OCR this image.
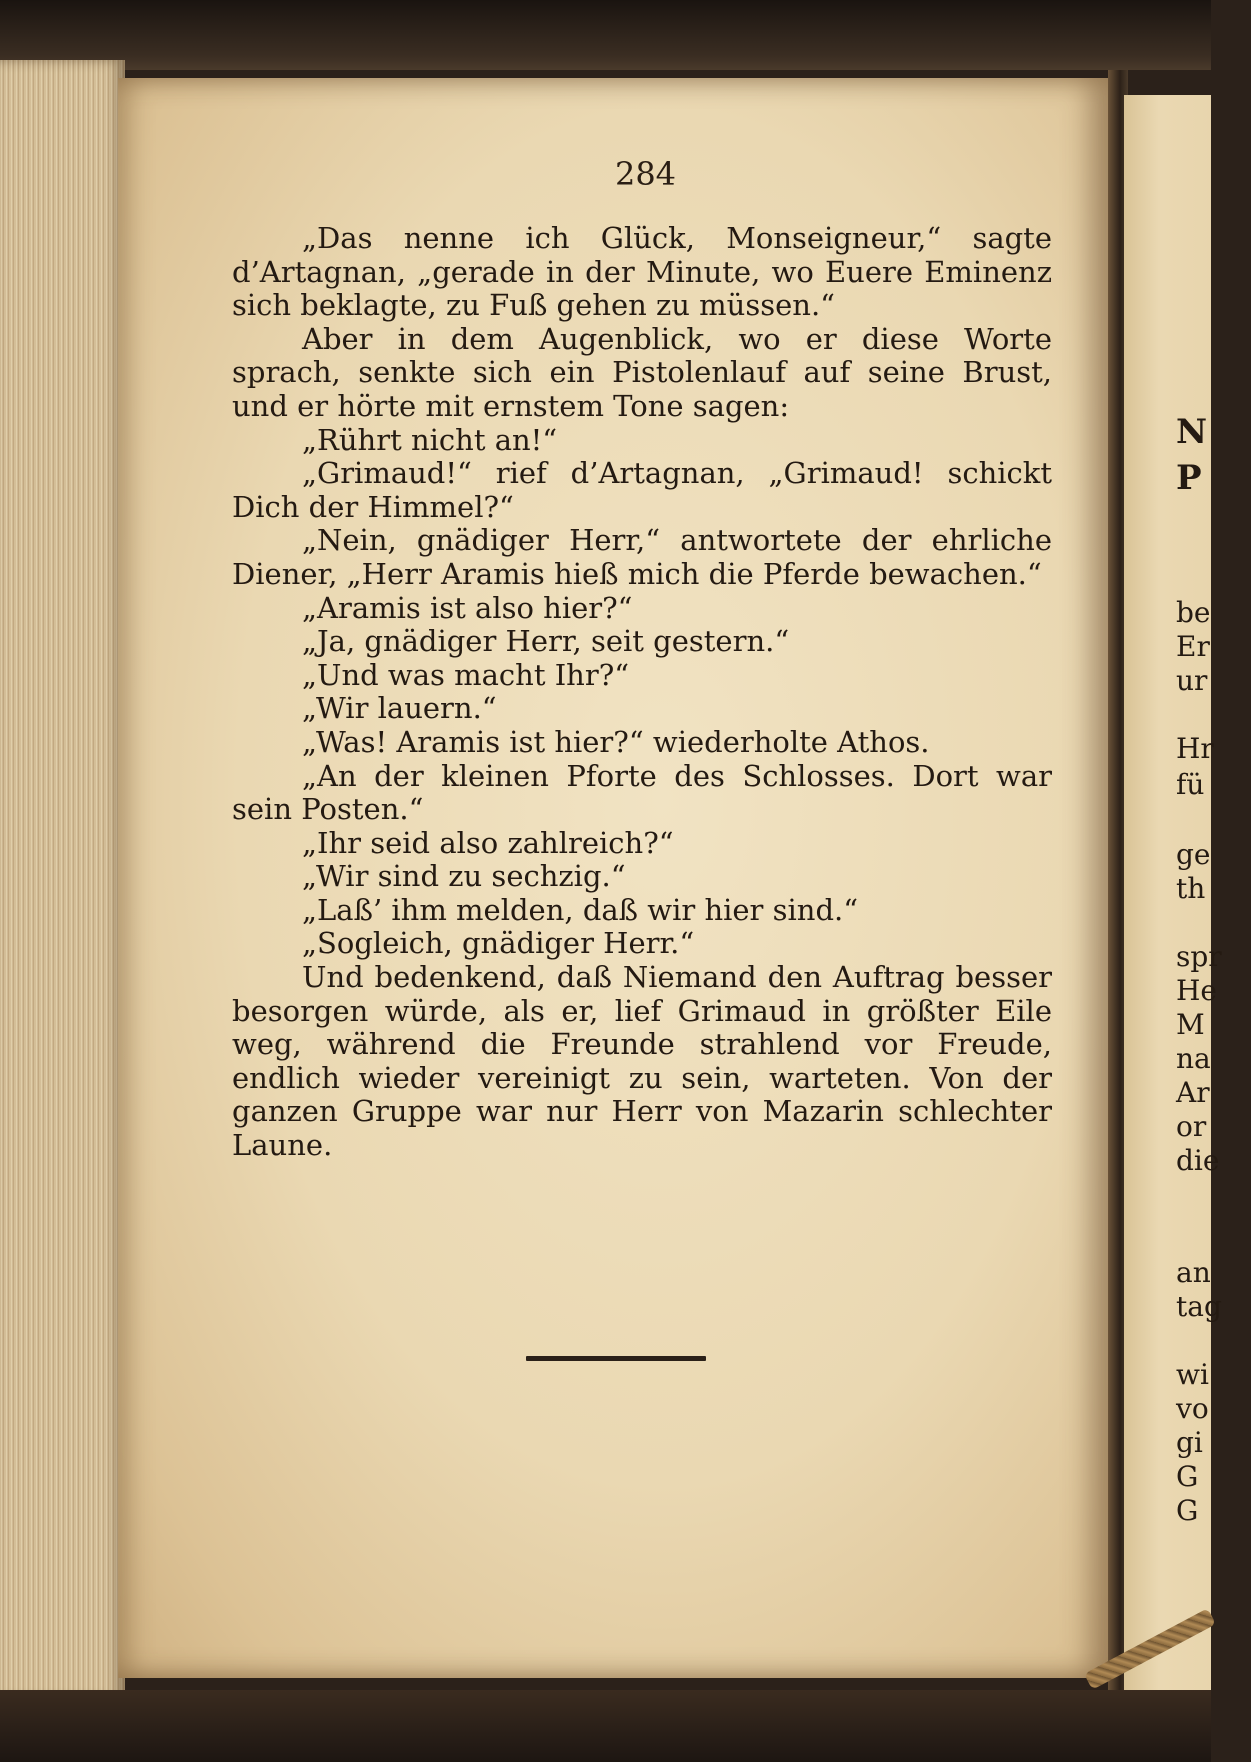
284

„Das nenne ich Glück, Monseigneur,“ sagte d’Artagnan, „gerade in der Minute, wo Euere Eminenz sich beklagte, zu Fuß gehen zu müssen.“

Aber in dem Augenblick, wo er diese Worte sprach, senkte sich ein Pistolenlauf auf seine Brust, und er hörte mit ernstem Tone sagen:

„Rührt nicht an!“

„Grimaud!“ rief d’Artagnan, „Grimaud! schickt Dich der Himmel?“

„Nein, gnädiger Herr,“ antwortete der ehrliche Diener, „Herr Aramis hieß mich die Pferde bewachen.“

„Aramis ist also hier?“

„Ja, gnädiger Herr, seit gestern.“

„Und was macht Ihr?“

„Wir lauern.“

„Was! Aramis ist hier?“ wiederholte Athos.

„An der kleinen Pforte des Schlosses. Dort war sein Posten.“

„Ihr seid also zahlreich?“

„Wir sind zu sechzig.“

„Laß’ ihm melden, daß wir hier sind.“

„Sogleich, gnädiger Herr.“

Und bedenkend, daß Niemand den Auftrag besser besorgen würde, als er, lief Grimaud in größter Eile weg, während die Freunde strahlend vor Freude, endlich wieder vereinigt zu sein, warteten. Von der ganzen Gruppe war nur Herr von Mazarin schlechter Laune.

N
P
be
Er
ur
Hr
fü
ge
th
spr
He
M
na
Ar
or
die
an
tag
wi
vo
gi
G
G
